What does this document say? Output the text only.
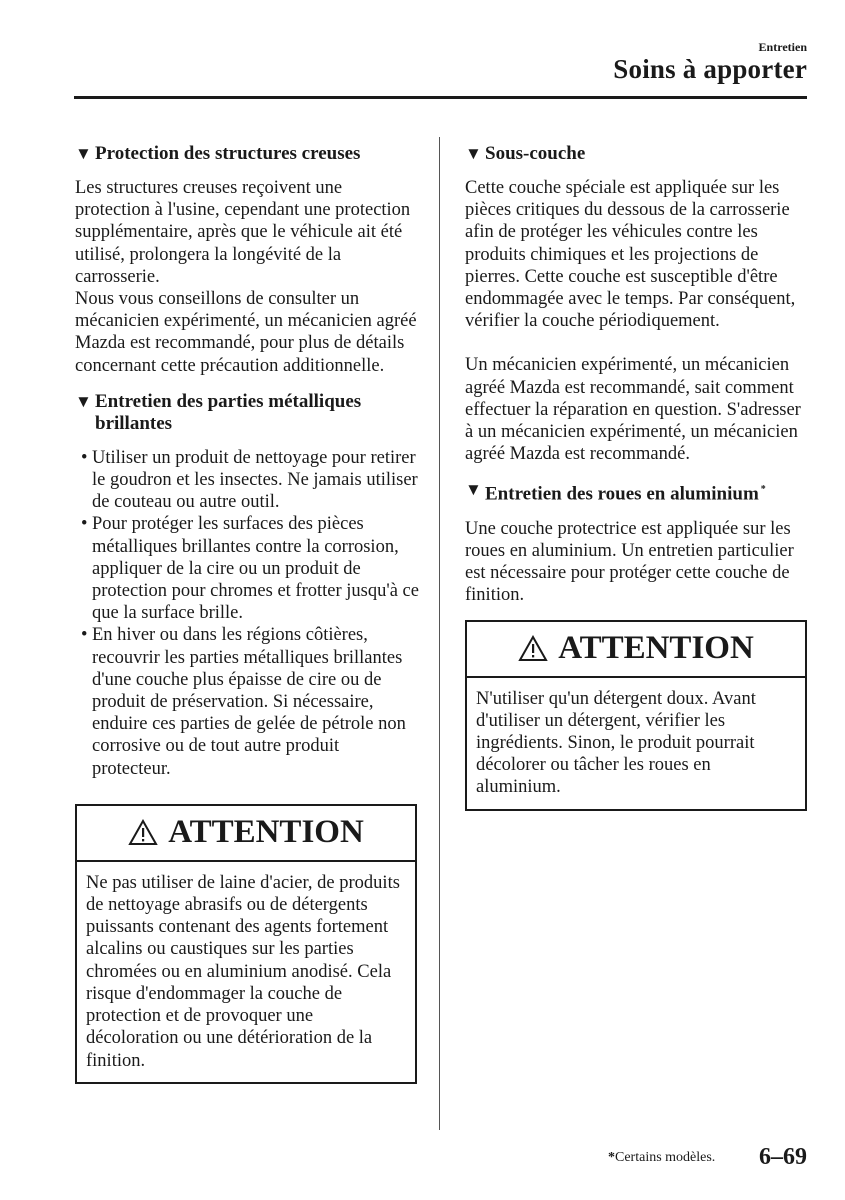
Entretien
Soins à apporter
▼ Protection des structures creuses

Les structures creuses reçoivent une protection à l'usine, cependant une protection supplémentaire, après que le véhicule ait été utilisé, prolongera la longévité de la carrosserie.

Nous vous conseillons de consulter un mécanicien expérimenté, un mécanicien agréé Mazda est recommandé, pour plus de détails concernant cette précaution additionnelle.

▼ Entretien des parties métalliques brillantes
• Utiliser un produit de nettoyage pour retirer le goudron et les insectes. Ne jamais utiliser de couteau ou autre outil.
• Pour protéger les surfaces des pièces métalliques brillantes contre la corrosion, appliquer de la cire ou un produit de protection pour chromes et frotter jusqu'à ce que la surface brille.
• En hiver ou dans les régions côtières, recouvrir les parties métalliques brillantes d'une couche plus épaisse de cire ou de produit de préservation. Si nécessaire, enduire ces parties de gelée de pétrole non corrosive ou de tout autre produit protecteur.
ATTENTION
Ne pas utiliser de laine d'acier, de produits de nettoyage abrasifs ou de détergents puissants contenant des agents fortement alcalins ou caustiques sur les parties chromées ou en aluminium anodisé. Cela risque d'endommager la couche de protection et de provoquer une décoloration ou une détérioration de la finition.
▼ Sous-couche

Cette couche spéciale est appliquée sur les pièces critiques du dessous de la carrosserie afin de protéger les véhicules contre les produits chimiques et les projections de pierres. Cette couche est susceptible d'être endommagée avec le temps. Par conséquent, vérifier la couche périodiquement.

Un mécanicien expérimenté, un mécanicien agréé Mazda est recommandé, sait comment effectuer la réparation en question. S'adresser à un mécanicien expérimenté, un mécanicien agréé Mazda est recommandé.

▼ Entretien des roues en aluminium *

Une couche protectrice est appliquée sur les roues en aluminium. Un entretien particulier est nécessaire pour protéger cette couche de finition.

ATTENTION
N'utiliser qu'un détergent doux. Avant d'utiliser un détergent, vérifier les ingrédients. Sinon, le produit pourrait décolorer ou tâcher les roues en aluminium.
*Certains modèles. 6–69
